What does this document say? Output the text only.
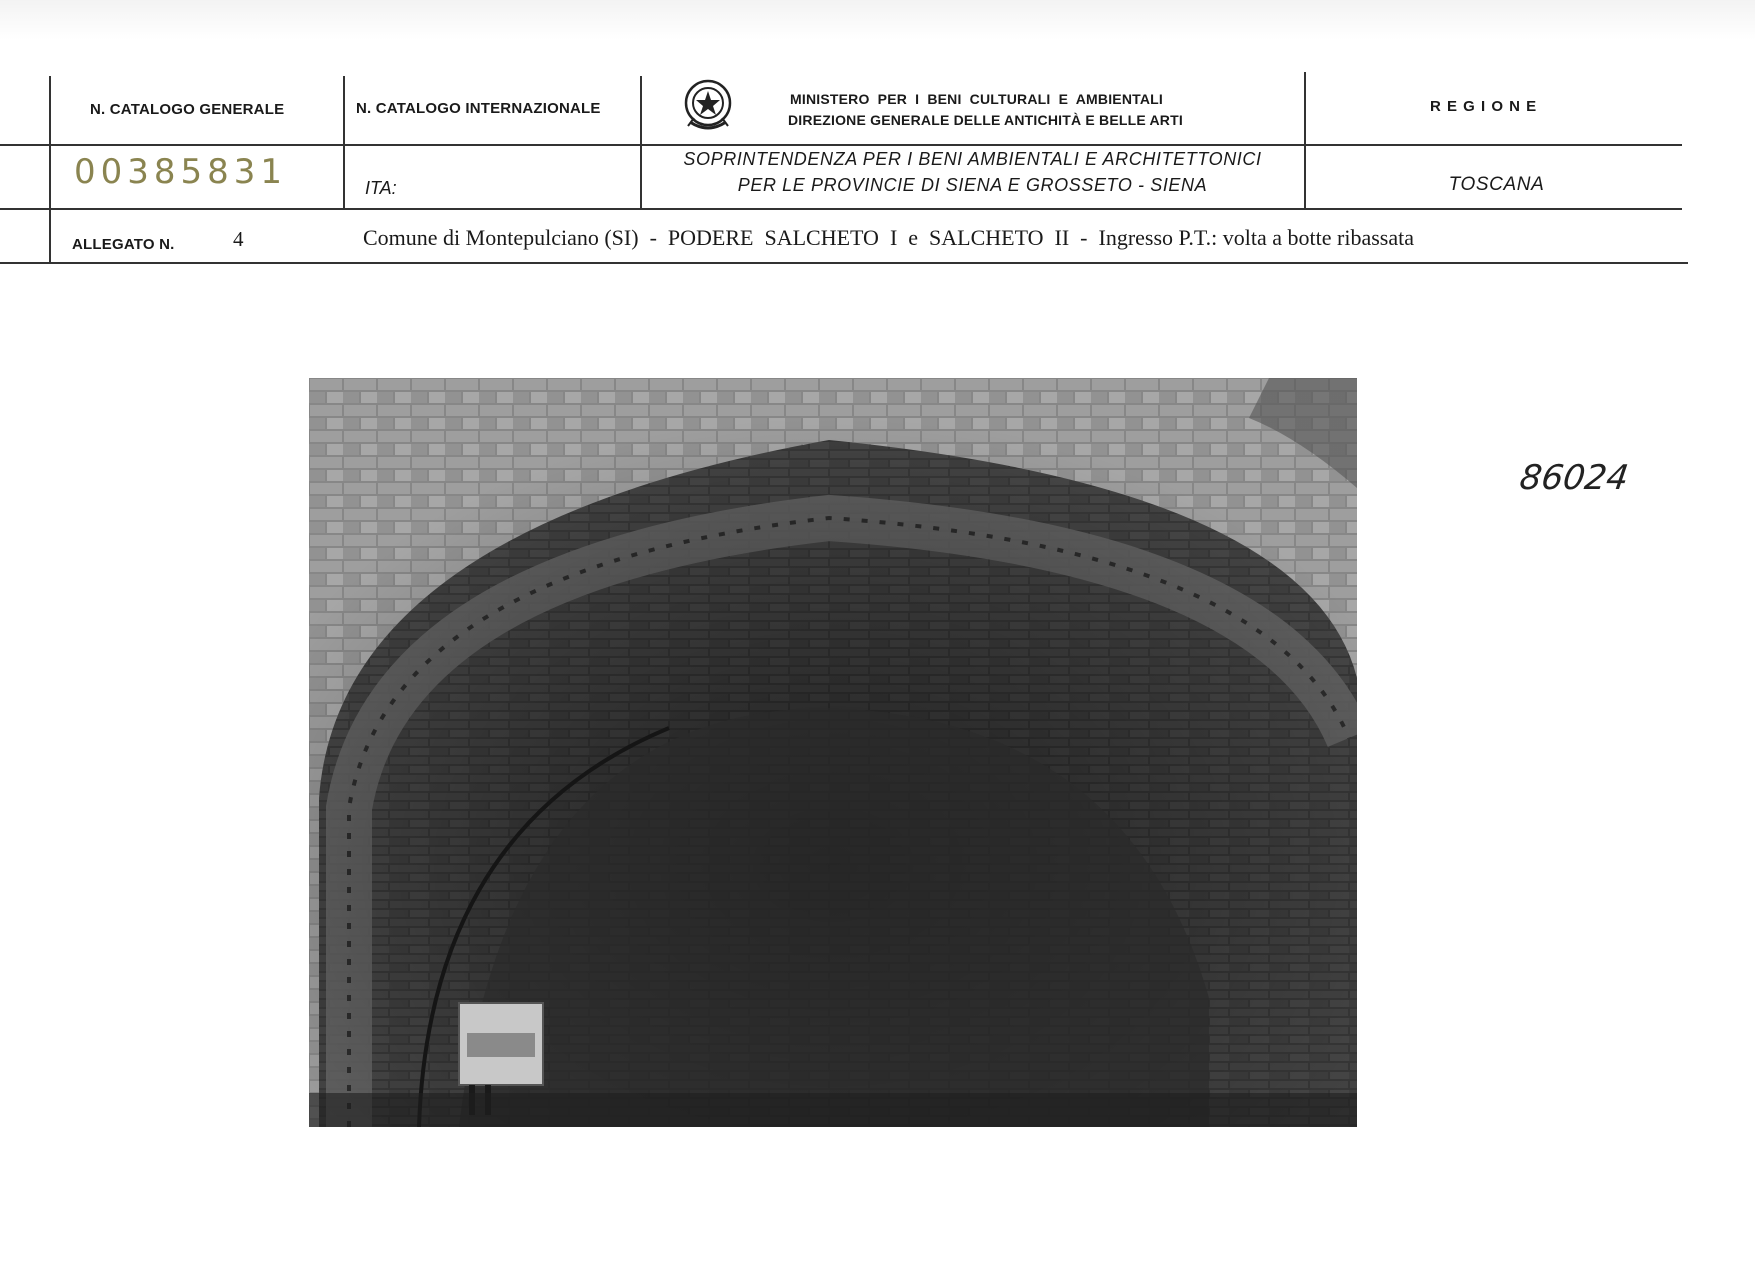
N. CATALOGO GENERALE
00385831
N. CATALOGO INTERNAZIONALE
ITA:
MINISTERO PER I BENI CULTURALI E AMBIENTALI
DIREZIONE GENERALE DELLE ANTICHITÀ E BELLE ARTI
SOPRINTENDENZA PER I BENI AMBIENTALI E ARCHITETTONICI
PER LE PROVINCIE DI SIENA E GROSSETO - SIENA
R E G I O N E
TOSCANA
ALLEGATO N.	4	Comune di Montepulciano (SI)  -  PODERE  SALCHETO  I  e  SALCHETO  II  -  Ingresso P.T.: volta a botte ribassata
86024
